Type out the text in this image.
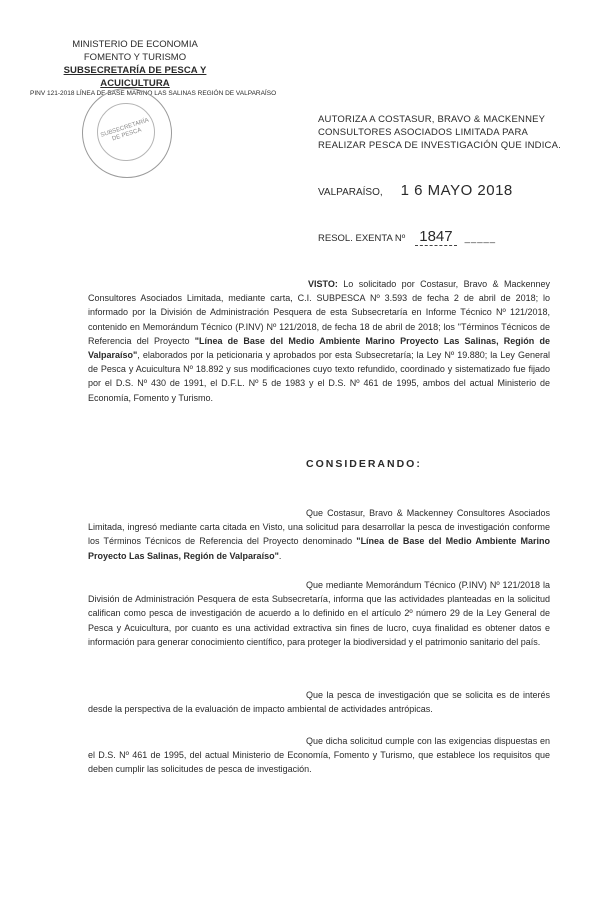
MINISTERIO DE ECONOMIA
FOMENTO Y TURISMO
SUBSECRETARÍA DE PESCA Y ACUICULTURA
PINV 121-2018 LÍNEA DE BASE MARINO LAS SALINAS REGIÓN DE VALPARAÍSO
SUBSECRETARÍA DE PESCA
AUTORIZA A COSTASUR, BRAVO & MACKENNEY CONSULTORES ASOCIADOS LIMITADA PARA REALIZAR PESCA DE INVESTIGACIÓN QUE INDICA.
VALPARAÍSO, 1 6 MAYO 2018
RESOL. EXENTA Nº 1847	_____
VISTO: Lo solicitado por Costasur, Bravo & Mackenney Consultores Asociados Limitada, mediante carta, C.I. SUBPESCA Nº 3.593 de fecha 2 de abril de 2018; lo informado por la División de Administración Pesquera de esta Subsecretaría en Informe Técnico Nº 121/2018, contenido en Memorándum Técnico (P.INV) Nº 121/2018, de fecha 18 de abril de 2018; los "Términos Técnicos de Referencia del Proyecto "Línea de Base del Medio Ambiente Marino Proyecto Las Salinas, Región de Valparaíso", elaborados por la peticionaria y aprobados por esta Subsecretaría; la Ley Nº 19.880; la Ley General de Pesca y Acuicultura Nº 18.892 y sus modificaciones cuyo texto refundido, coordinado y sistematizado fue fijado por el D.S. Nº 430 de 1991, el D.F.L. Nº 5 de 1983 y el D.S. Nº 461 de 1995, ambos del actual Ministerio de Economía, Fomento y Turismo.
CONSIDERANDO:
Que Costasur, Bravo & Mackenney Consultores Asociados Limitada, ingresó mediante carta citada en Visto, una solicitud para desarrollar la pesca de investigación conforme los Términos Técnicos de Referencia del Proyecto denominado "Línea de Base del Medio Ambiente Marino Proyecto Las Salinas, Región de Valparaíso".
Que mediante Memorándum Técnico (P.INV) Nº 121/2018 la División de Administración Pesquera de esta Subsecretaría, informa que las actividades planteadas en la solicitud califican como pesca de investigación de acuerdo a lo definido en el artículo 2º número 29 de la Ley General de Pesca y Acuicultura, por cuanto es una actividad extractiva sin fines de lucro, cuya finalidad es obtener datos e información para generar conocimiento científico, para proteger la biodiversidad y el patrimonio sanitario del país.
Que la pesca de investigación que se solicita es de interés desde la perspectiva de la evaluación de impacto ambiental de actividades antrópicas.
Que dicha solicitud cumple con las exigencias dispuestas en el D.S. Nº 461 de 1995, del actual Ministerio de Economía, Fomento y Turismo, que establece los requisitos que deben cumplir las solicitudes de pesca de investigación.
